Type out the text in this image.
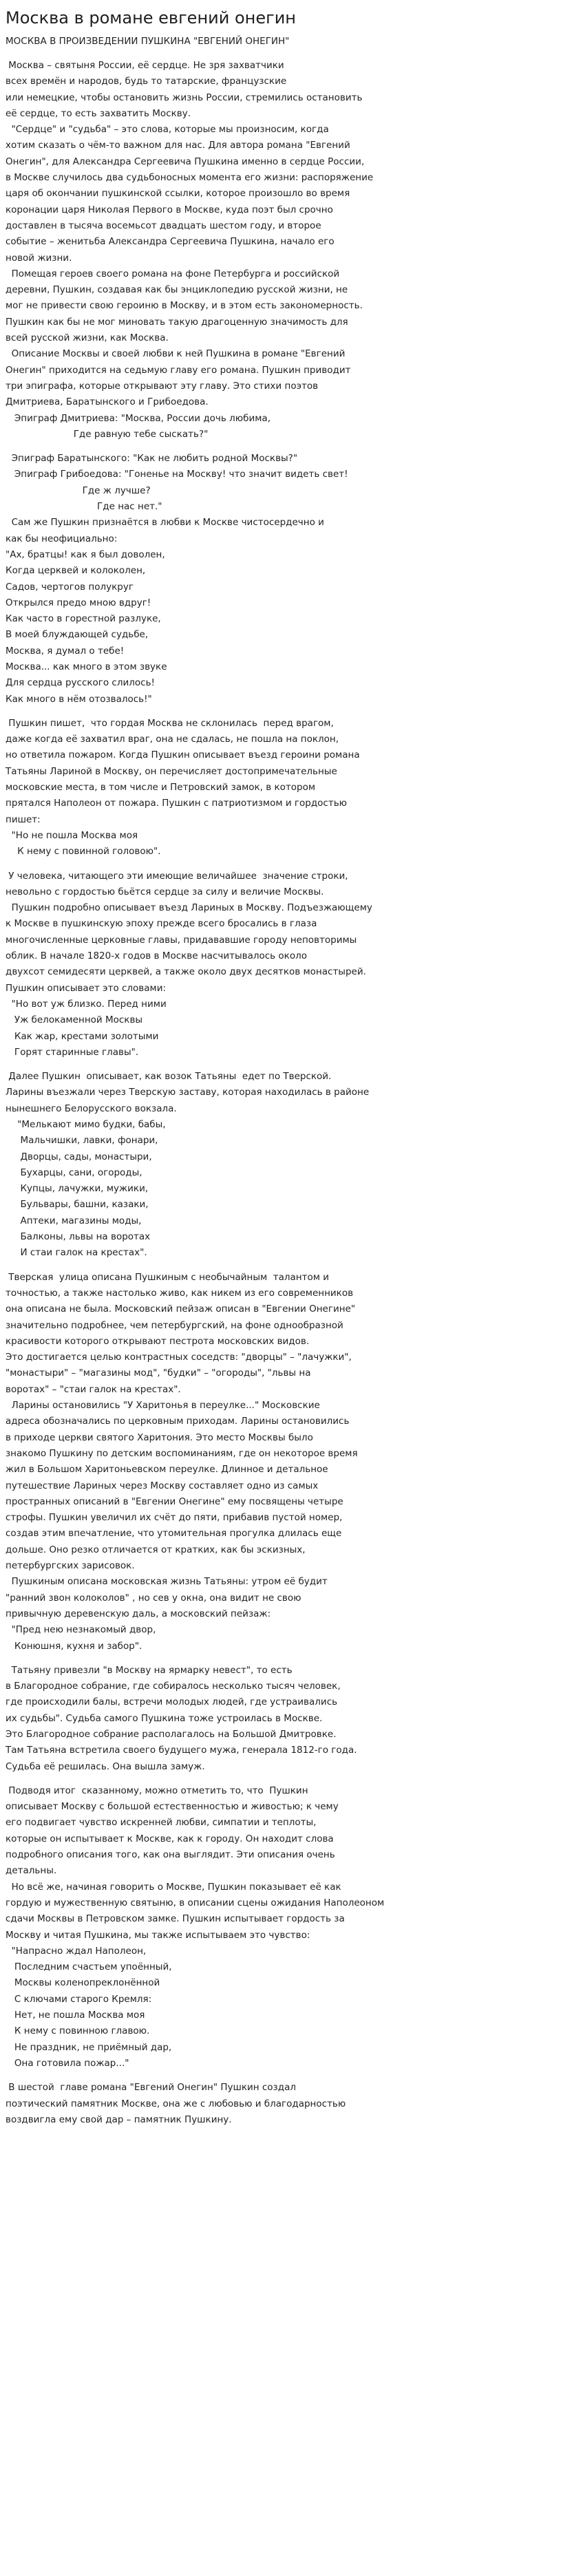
Москва в романе евгений онегин
МОСКВА В ПРОИЗВЕДЕНИИ ПУШКИНА "ЕВГЕНИЙ ОНЕГИН"
Москва – святыня России, её сердце. Не зря захватчики
всех времён и народов, будь то татарские, французские
или немецкие, чтобы остановить жизнь России, стремились остановить
её сердце, то есть захватить Москву.
"Сердце" и "судьба" – это слова, которые мы произносим, когда
хотим сказать о чём-то важном для нас. Для автора романа "Евгений
Онегин", для Александра Сергеевича Пушкина именно в сердце России,
в Москве случилось два судьбоносных момента его жизни: распоряжение
царя об окончании пушкинской ссылки, которое произошло во время
коронации царя Николая Первого в Москве, куда поэт был срочно
доставлен в тысяча восемьсот двадцать шестом году, и второе
событие – женитьба Александра Сергеевича Пушкина, начало его
новой жизни.
Помещая героев своего романа на фоне Петербурга и российской
деревни, Пушкин, создавая как бы энциклопедию русской жизни, не
мог не привести свою героиню в Москву, и в этом есть закономерность.
Пушкин как бы не мог миновать такую драгоценную значимость для
всей русской жизни, как Москва.
Описание Москвы и своей любви к ней Пушкина в романе "Евгений
Онегин" приходится на седьмую главу его романа. Пушкин приводит
три эпиграфа, которые открывают эту главу. Это стихи поэтов
Дмитриева, Баратынского и Грибоедова.
Эпиграф Дмитриева: "Москва, России дочь любима,
Где равную тебе сыскать?"
Эпиграф Баратынского: "Как не любить родной Москвы?"
Эпиграф Грибоедова: "Гоненье на Москву! что значит видеть свет!
Где ж лучше?
Где нас нет."
Сам же Пушкин признаётся в любви к Москве чистосердечно и
как бы неофициально:
"Ах, братцы! как я был доволен,
Когда церквей и колоколен,
Садов, чертогов полукруг
Открылся предо мною вдруг!
Как часто в горестной разлуке,
В моей блуждающей судьбе,
Москва, я думал о тебе!
Москва... как много в этом звуке
Для сердца русского слилось!
Как много в нём отозвалось!"
Пушкин пишет,  что гордая Москва не склонилась  перед врагом,
даже когда её захватил враг, она не сдалась, не пошла на поклон,
но ответила пожаром. Когда Пушкин описывает въезд героини романа
Татьяны Лариной в Москву, он перечисляет достопримечательные
московские места, в том числе и Петровский замок, в котором
прятался Наполеон от пожара. Пушкин с патриотизмом и гордостью
пишет:
"Но не пошла Москва моя
К нему с повинной головою".
У человека, читающего эти имеющие величайшее  значение строки,
невольно с гордостью бьётся сердце за силу и величие Москвы.
Пушкин подробно описывает въезд Лариных в Москву. Подъезжающему
к Москве в пушкинскую эпоху прежде всего бросались в глаза
многочисленные церковные главы, придававшие городу неповторимы
облик. В начале 1820-х годов в Москве насчитывалось около
двухсот семидесяти церквей, а также около двух десятков монастырей.
Пушкин описывает это словами:
"Но вот уж близко. Перед ними
Уж белокаменной Москвы
Как жар, крестами золотыми
Горят старинные главы".
Далее Пушкин  описывает, как возок Татьяны  едет по Тверской.
Ларины въезжали через Тверскую заставу, которая находилась в районе
нынешнего Белорусского вокзала.
"Мелькают мимо будки, бабы,
Мальчишки, лавки, фонари,
Дворцы, сады, монастыри,
Бухарцы, сани, огороды,
Купцы, лачужки, мужики,
Бульвары, башни, казаки,
Аптеки, магазины моды,
Балконы, львы на воротах
И стаи галок на крестах".
Тверская  улица описана Пушкиным с необычайным  талантом и
точностью, а также настолько живо, как никем из его современников
она описана не была. Московский пейзаж описан в "Евгении Онегине"
значительно подробнее, чем петербургский, на фоне однообразной
красивости которого открывают пестрота московских видов.
Это достигается целью контрастных соседств: "дворцы" – "лачужки",
"монастыри" – "магазины мод", "будки" – "огороды", "львы на
воротах" – "стаи галок на крестах".
Ларины остановились "У Харитонья в переулке..." Московские
адреса обозначались по церковным приходам. Ларины остановились
в приходе церкви святого Харитония. Это место Москвы было
знакомо Пушкину по детским воспоминаниям, где он некоторое время
жил в Большом Харитоньевском переулке. Длинное и детальное
путешествие Лариных через Москву составляет одно из самых
пространных описаний в "Евгении Онегине" ему посвящены четыре
строфы. Пушкин увеличил их счёт до пяти, прибавив пустой номер,
создав этим впечатление, что утомительная прогулка длилась еще
дольше. Оно резко отличается от кратких, как бы эскизных,
петербургских зарисовок.
Пушкиным описана московская жизнь Татьяны: утром её будит
"ранний звон колоколов" , но сев у окна, она видит не свою
привычную деревенскую даль, а московский пейзаж:
"Пред нею незнакомый двор,
Конюшня, кухня и забор".
Татьяну привезли "в Москву на ярмарку невест", то есть
в Благородное собрание, где собиралось несколько тысяч человек,
где происходили балы, встречи молодых людей, где устраивались
их судьбы". Судьба самого Пушкина тоже устроилась в Москве.
Это Благородное собрание располагалось на Большой Дмитровке.
Там Татьяна встретила своего будущего мужа, генерала 1812-го года.
Судьба её решилась. Она вышла замуж.
Подводя итог  сказанному, можно отметить то, что  Пушкин
описывает Москву с большой естественностью и живостью; к чему
его подвигает чувство искренней любви, симпатии и теплоты,
которые он испытывает к Москве, как к городу. Он находит слова
подробного описания того, как она выглядит. Эти описания очень
детальны.
Но всё же, начиная говорить о Москве, Пушкин показывает её как
гордую и мужественную святыню, в описании сцены ожидания Наполеоном
сдачи Москвы в Петровском замке. Пушкин испытывает гордость за
Москву и читая Пушкина, мы также испытываем это чувство:
"Напрасно ждал Наполеон,
Последним счастьем упоённый,
Москвы коленопреклонённой
С ключами старого Кремля:
Нет, не пошла Москва моя
К нему с повинною главою.
Не праздник, не приёмный дар,
Она готовила пожар..."
В шестой  главе романа "Евгений Онегин" Пушкин создал
поэтический памятник Москве, она же с любовью и благодарностью
воздвигла ему свой дар – памятник Пушкину.
